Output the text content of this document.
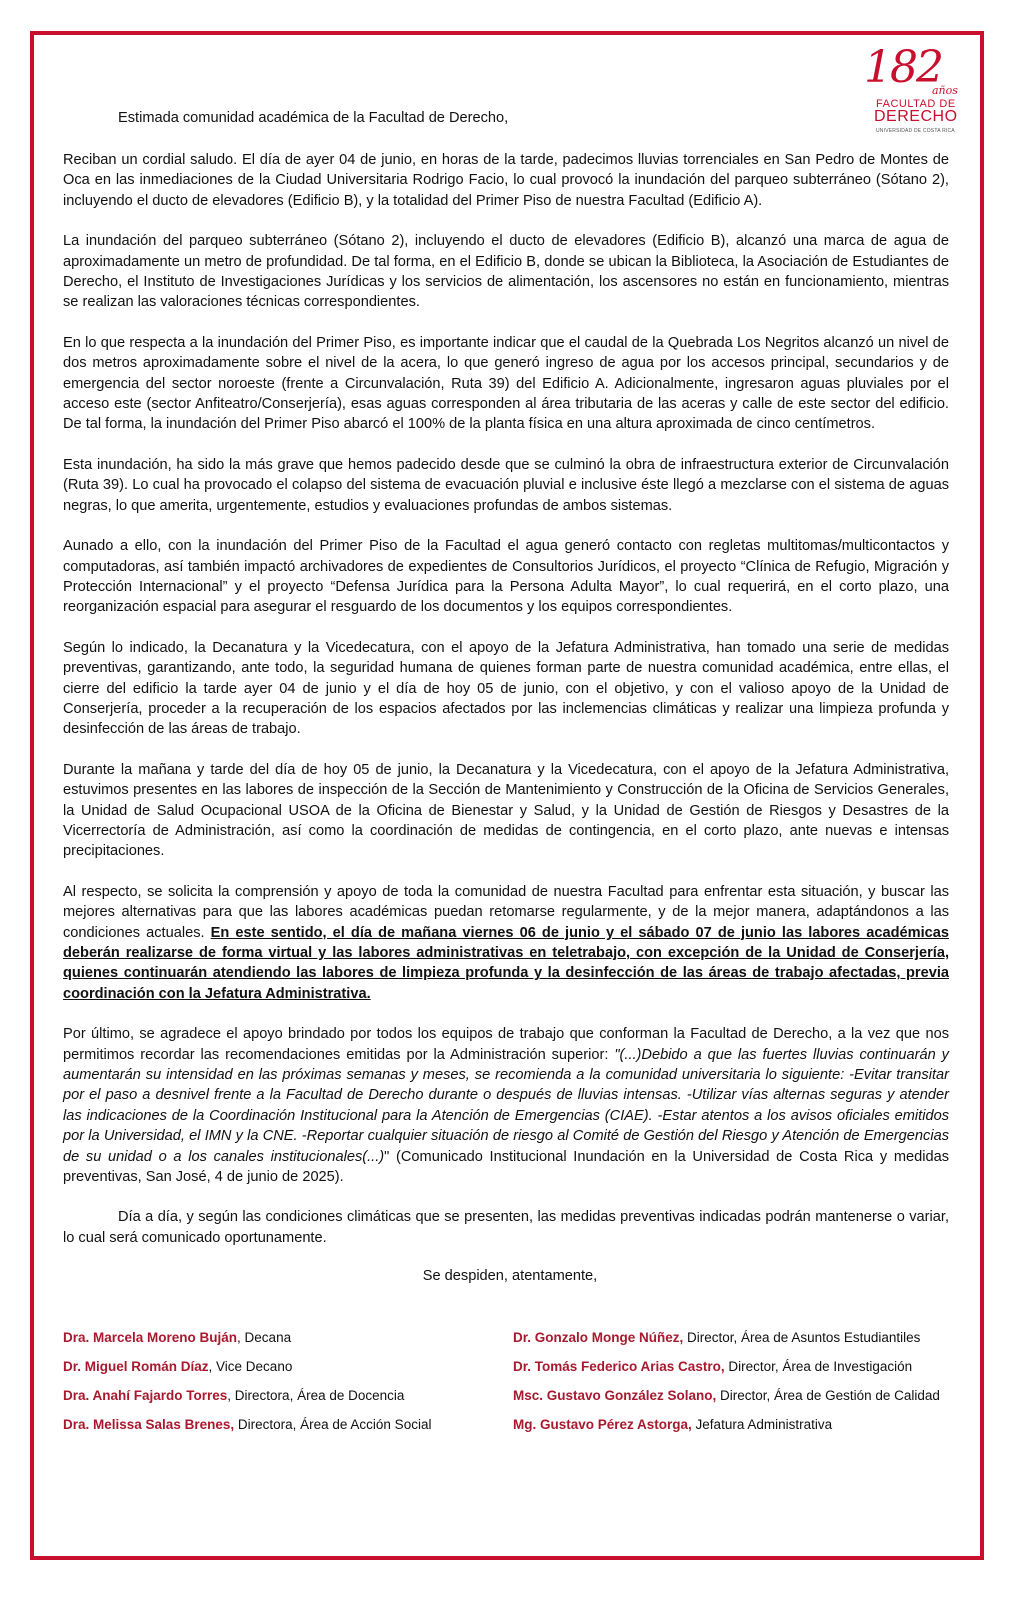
182
años
FACULTAD DE
DERECHO
UNIVERSIDAD DE COSTA RICA
Estimada comunidad académica de la Facultad de Derecho,

Reciban un cordial saludo. El día de ayer 04 de junio, en horas de la tarde, padecimos lluvias torrenciales en San Pedro de Montes de Oca en las inmediaciones de la Ciudad Universitaria Rodrigo Facio, lo cual provocó la inundación del parqueo subterráneo (Sótano 2), incluyendo el ducto de elevadores (Edificio B), y la totalidad del Primer Piso de nuestra Facultad (Edificio A).

La inundación del parqueo subterráneo (Sótano 2), incluyendo el ducto de elevadores (Edificio B), alcanzó una marca de agua de aproximadamente un metro de profundidad. De tal forma, en el Edificio B, donde se ubican la Biblioteca, la Asociación de Estudiantes de Derecho, el Instituto de Investigaciones Jurídicas y los servicios de alimentación, los ascensores no están en funcionamiento, mientras se realizan las valoraciones técnicas correspondientes.

En lo que respecta a la inundación del Primer Piso, es importante indicar que el caudal de la Quebrada Los Negritos alcanzó un nivel de dos metros aproximadamente sobre el nivel de la acera, lo que generó ingreso de agua por los accesos principal, secundarios y de emergencia del sector noroeste (frente a Circunvalación, Ruta 39) del Edificio A. Adicionalmente, ingresaron aguas pluviales por el acceso este (sector Anfiteatro/Conserjería), esas aguas corresponden al área tributaria de las aceras y calle de este sector del edificio. De tal forma, la inundación del Primer Piso abarcó el 100% de la planta física en una altura aproximada de cinco centímetros.

Esta inundación, ha sido la más grave que hemos padecido desde que se culminó la obra de infraestructura exterior de Circunvalación (Ruta 39). Lo cual ha provocado el colapso del sistema de evacuación pluvial e inclusive éste llegó a mezclarse con el sistema de aguas negras, lo que amerita, urgentemente, estudios y evaluaciones profundas de ambos sistemas.

Aunado a ello, con la inundación del Primer Piso de la Facultad el agua generó contacto con regletas multitomas/multicontactos y computadoras, así también impactó archivadores de expedientes de Consultorios Jurídicos, el proyecto “Clínica de Refugio, Migración y Protección Internacional” y el proyecto “Defensa Jurídica para la Persona Adulta Mayor”, lo cual requerirá, en el corto plazo, una reorganización espacial para asegurar el resguardo de los documentos y los equipos correspondientes.

Según lo indicado, la Decanatura y la Vicedecatura, con el apoyo de la Jefatura Administrativa, han tomado una serie de medidas preventivas, garantizando, ante todo, la seguridad humana de quienes forman parte de nuestra comunidad académica, entre ellas, el cierre del edificio la tarde ayer 04 de junio y el día de hoy 05 de junio, con el objetivo, y con el valioso apoyo de la Unidad de Conserjería, proceder a la recuperación de los espacios afectados por las inclemencias climáticas y realizar una limpieza profunda y desinfección de las áreas de trabajo.

Durante la mañana y tarde del día de hoy 05 de junio, la Decanatura y la Vicedecatura, con el apoyo de la Jefatura Administrativa, estuvimos presentes en las labores de inspección de la Sección de Mantenimiento y Construcción de la Oficina de Servicios Generales, la Unidad de Salud Ocupacional USOA de la Oficina de Bienestar y Salud, y la Unidad de Gestión de Riesgos y Desastres de la Vicerrectoría de Administración, así como la coordinación de medidas de contingencia, en el corto plazo, ante nuevas e intensas precipitaciones.

Al respecto, se solicita la comprensión y apoyo de toda la comunidad de nuestra Facultad para enfrentar esta situación, y buscar las mejores alternativas para que las labores académicas puedan retomarse regularmente, y de la mejor manera, adaptándonos a las condiciones actuales. En este sentido, el día de mañana viernes 06 de junio y el sábado 07 de junio las labores académicas deberán realizarse de forma virtual y las labores administrativas en teletrabajo, con excepción de la Unidad de Conserjería, quienes continuarán atendiendo las labores de limpieza profunda y la desinfección de las áreas de trabajo afectadas, previa coordinación con la Jefatura Administrativa.

Por último, se agradece el apoyo brindado por todos los equipos de trabajo que conforman la Facultad de Derecho, a la vez que nos permitimos recordar las recomendaciones emitidas por la Administración superior: "(...)Debido a que las fuertes lluvias continuarán y aumentarán su intensidad en las próximas semanas y meses, se recomienda a la comunidad universitaria lo siguiente: -Evitar transitar por el paso a desnivel frente a la Facultad de Derecho durante o después de lluvias intensas. -Utilizar vías alternas seguras y atender las indicaciones de la Coordinación Institucional para la Atención de Emergencias (CIAE). -Estar atentos a los avisos oficiales emitidos por la Universidad, el IMN y la CNE. -Reportar cualquier situación de riesgo al Comité de Gestión del Riesgo y Atención de Emergencias de su unidad o a los canales institucionales(...)" (Comunicado Institucional Inundación en la Universidad de Costa Rica y medidas preventivas, San José, 4 de junio de 2025).

Día a día, y según las condiciones climáticas que se presenten, las medidas preventivas indicadas podrán mantenerse o variar, lo cual será comunicado oportunamente.

Se despiden, atentamente,
Dra. Marcela Moreno Buján, Decana	Dr. Gonzalo Monge Núñez, Director, Área de Asuntos Estudiantiles
Dr. Miguel Román Díaz, Vice Decano	Dr. Tomás Federico Arias Castro, Director, Área de Investigación
Dra. Anahí Fajardo Torres, Directora, Área de Docencia	Msc. Gustavo González Solano, Director, Área de Gestión de Calidad
Dra. Melissa Salas Brenes, Directora, Área de Acción Social	Mg. Gustavo Pérez Astorga, Jefatura Administrativa
